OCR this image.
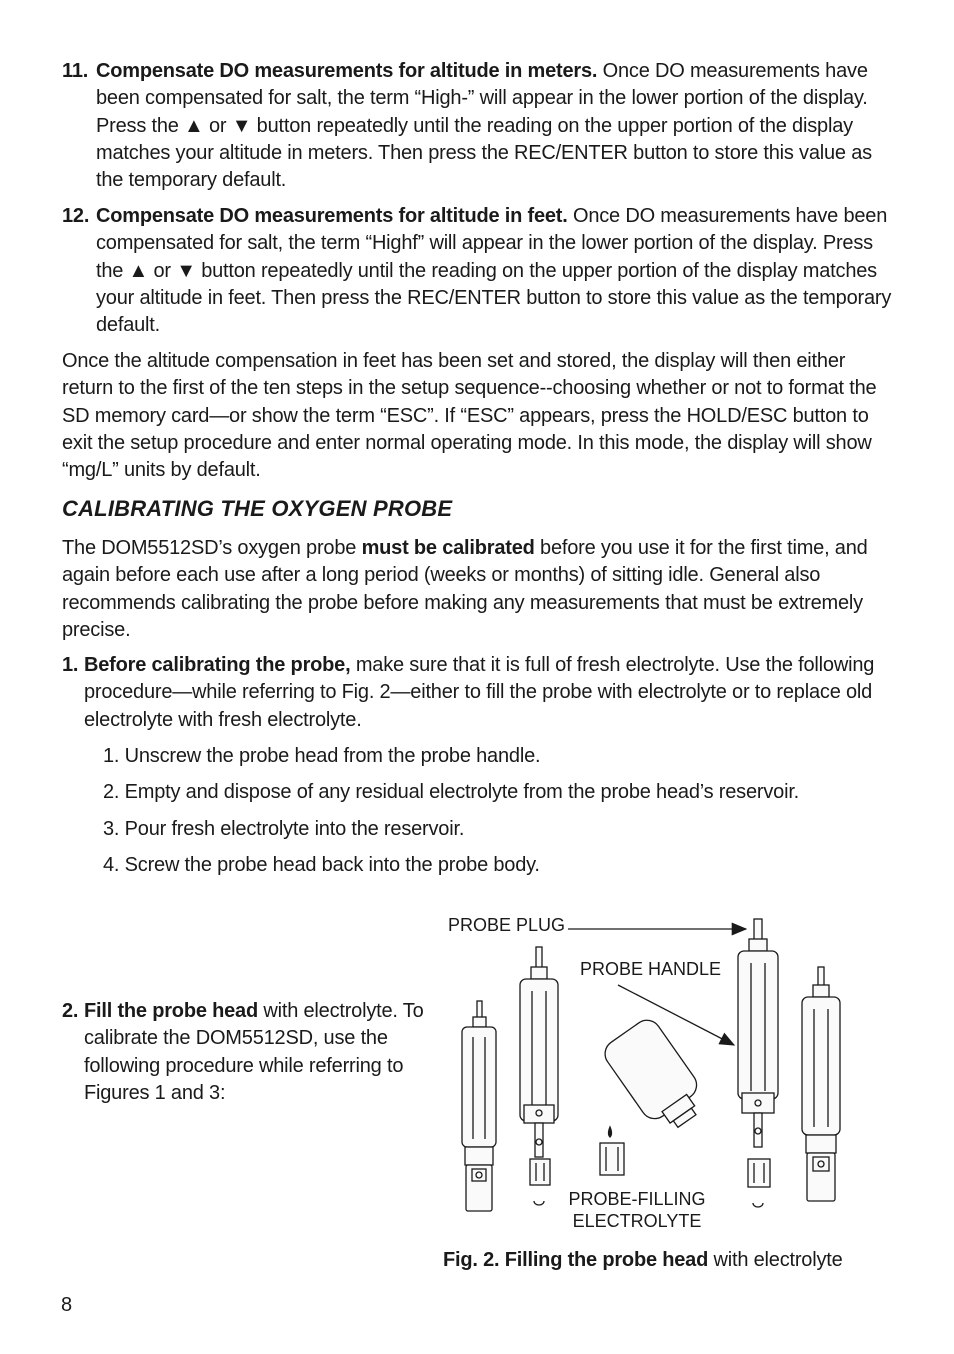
11. Compensate DO measurements for altitude in meters. Once DO measurements have been compensated for salt, the term “High-” will appear in the lower portion of the display. Press the ▲ or ▼ button repeatedly until the reading on the upper portion of the display matches your altitude in meters. Then press the REC/ENTER button to store this value as the temporary default.

12. Compensate DO measurements for altitude in feet. Once DO measurements have been compensated for salt, the term “Highf” will appear in the lower portion of the display. Press the ▲ or ▼ button repeatedly until the reading on the upper portion of the display matches your altitude in feet. Then press the REC/ENTER button to store this value as the temporary default.

Once the altitude compensation in feet has been set and stored, the display will then either return to the first of the ten steps in the setup sequence--choosing whether or not to format the SD memory card—or show the term “ESC”. If “ESC” appears, press the HOLD/ESC button to exit the setup procedure and enter normal operating mode. In this mode, the display will show “mg/L” units by default.

CALIBRATING THE OXYGEN PROBE

The DOM5512SD’s oxygen probe must be calibrated before you use it for the first time, and again before each use after a long period (weeks or months) of sitting idle. General also recommends calibrating the probe before making any measurements that must be extremely precise.

1. Before calibrating the probe, make sure that it is full of fresh electrolyte. Use the following procedure—while referring to Fig. 2—either to fill the probe with electrolyte or to replace old electrolyte with fresh electrolyte.

1. Unscrew the probe head from the probe handle.
2. Empty and dispose of any residual electrolyte from the probe head’s reservoir.
3. Pour fresh electrolyte into the reservoir.
4. Screw the probe head back into the probe body.
2. Fill the probe head with electrolyte. To calibrate the DOM5512SD, use the following procedure while referring to Figures 1 and 3:

PROBE PLUG
PROBE HANDLE
PROBE-FILLING
ELECTROLYTE
Fig. 2. Filling the probe head with electrolyte
8
